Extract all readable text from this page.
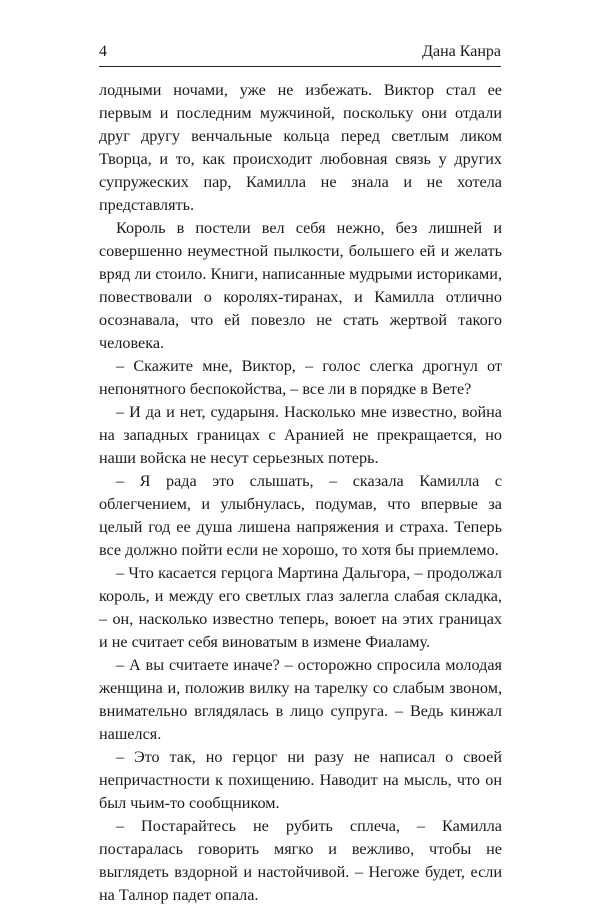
4	Дана Канра

лодными ночами, уже не избежать. Виктор стал ее первым и последним мужчиной, поскольку они отдали друг другу венчальные кольца перед светлым ликом Творца, и то, как происходит любовная связь у других супружеских пар, Камилла не знала и не хотела представлять.

Король в постели вел себя нежно, без лишней и совершенно неуместной пылкости, большего ей и желать вряд ли стоило. Книги, написанные мудрыми историками, повествовали о королях-тиранах, и Камилла отлично осознавала, что ей повезло не стать жертвой такого человека.

– Скажите мне, Виктор, – голос слегка дрогнул от непонятного беспокойства, – все ли в порядке в Вете?

– И да и нет, сударыня. Насколько мне известно, война на западных границах с Аранией не прекращается, но наши войска не несут серьезных потерь.

– Я рада это слышать, – сказала Камилла с облегчением, и улыбнулась, подумав, что впервые за целый год ее душа лишена напряжения и страха. Теперь все должно пойти если не хорошо, то хотя бы приемлемо.

– Что касается герцога Мартина Дальгора, – продолжал король, и между его светлых глаз залегла слабая складка, – он, насколько известно теперь, воюет на этих границах и не считает себя виноватым в измене Фиаламу.

– А вы считаете иначе? – осторожно спросила молодая женщина и, положив вилку на тарелку со слабым звоном, внимательно вглядялась в лицо супруга. – Ведь кинжал нашелся.

– Это так, но герцог ни разу не написал о своей непричастности к похищению. Наводит на мысль, что он был чьим-то сообщником.

– Постарайтесь не рубить сплеча, – Камилла постаралась говорить мягко и вежливо, чтобы не выглядеть вздорной и настойчивой. – Негоже будет, если на Талнор падет опала.
